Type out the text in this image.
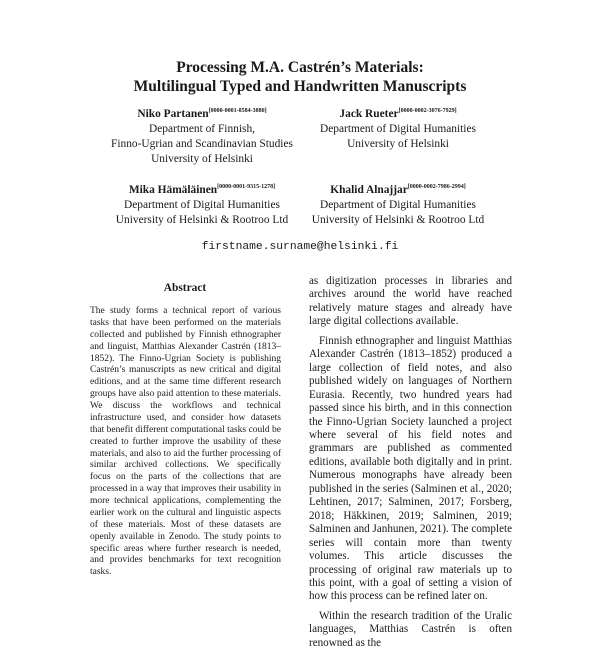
Processing M.A. Castrén’s Materials:
Multilingual Typed and Handwritten Manuscripts
Niko Partanen[0000-0001-8584-3880]
Department of Finnish,
Finno-Ugrian and Scandinavian Studies
University of Helsinki
Jack Rueter[0000-0002-3076-7929]
Department of Digital Humanities
University of Helsinki
Mika Hämäläinen[0000-0001-9315-1278]
Department of Digital Humanities
University of Helsinki & Rootroo Ltd
Khalid Alnajjar[0000-0002-7986-2994]
Department of Digital Humanities
University of Helsinki & Rootroo Ltd
firstname.surname@helsinki.fi
Abstract
The study forms a technical report of various tasks that have been performed on the materials collected and published by Finnish ethnographer and linguist, Matthias Alexander Castrén (1813–1852). The Finno-Ugrian Society is publishing Castrén’s manuscripts as new critical and digital editions, and at the same time different research groups have also paid attention to these materials. We discuss the workflows and technical infrastructure used, and consider how datasets that benefit different computational tasks could be created to further improve the usability of these materials, and also to aid the further processing of similar archived collections. We specifically focus on the parts of the collections that are processed in a way that improves their usability in more technical applications, complementing the earlier work on the cultural and linguistic aspects of these materials. Most of these datasets are openly available in Zenodo. The study points to specific areas where further research is needed, and provides benchmarks for text recognition tasks.

as digitization processes in libraries and archives around the world have reached relatively mature stages and already have large digital collections available.

Finnish ethnographer and linguist Matthias Alexander Castrén (1813–1852) produced a large collection of field notes, and also published widely on languages of Northern Eurasia. Recently, two hundred years had passed since his birth, and in this connection the Finno-Ugrian Society launched a project where several of his field notes and grammars are published as commented editions, available both digitally and in print. Numerous monographs have already been published in the series (Salminen et al., 2020; Lehtinen, 2017; Salminen, 2017; Forsberg, 2018; Häkkinen, 2019; Salminen, 2019; Salminen and Janhunen, 2021). The complete series will contain more than twenty volumes. This article discusses the processing of original raw materials up to this point, with a goal of setting a vision of how this process can be refined later on.

Within the research tradition of the Uralic languages, Matthias Castrén is often renowned as the
